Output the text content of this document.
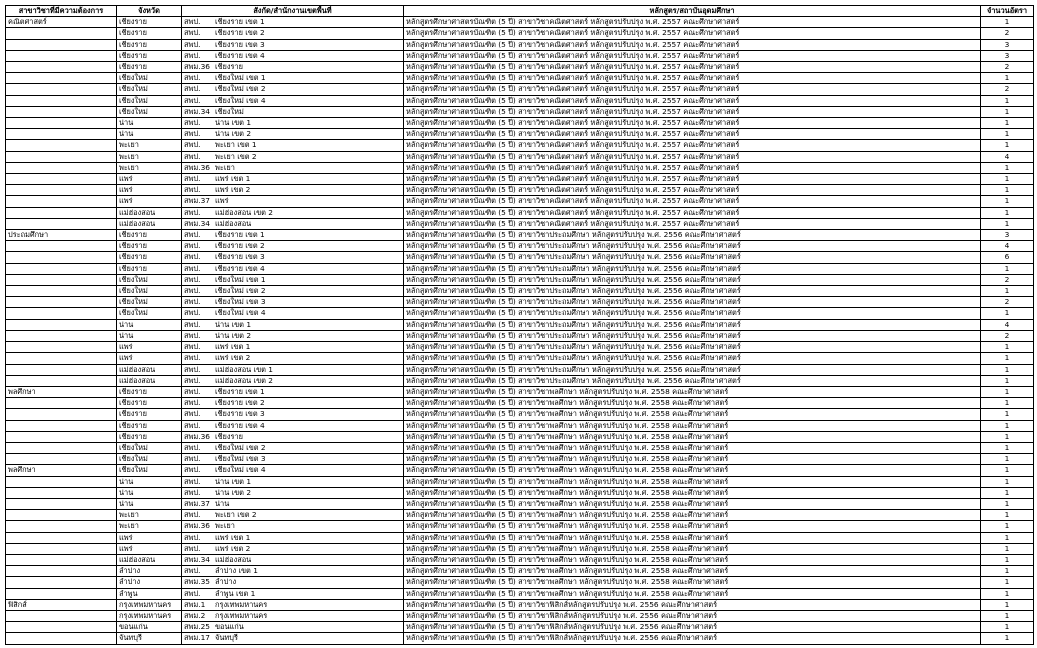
สาขาวิชาที่มีความต้องการ	จังหวัด	สังกัด/สำนักงานเขตพื้นที่	หลักสูตร/สถาบันอุดมศึกษา	จำนวนอัตรา
คณิตศาสตร์	เชียงราย	สพป. เชียงราย เขต 1	หลักสูตรศึกษาศาสตรบัณฑิต (5 ปี) สาขาวิชาคณิตศาสตร์ หลักสูตรปรับปรุง พ.ศ. 2557 คณะศึกษาศาสตร์	1
	เชียงราย	สพป. เชียงราย เขต 2	หลักสูตรศึกษาศาสตรบัณฑิต (5 ปี) สาขาวิชาคณิตศาสตร์ หลักสูตรปรับปรุง พ.ศ. 2557 คณะศึกษาศาสตร์	2
	เชียงราย	สพป. เชียงราย เขต 3	หลักสูตรศึกษาศาสตรบัณฑิต (5 ปี) สาขาวิชาคณิตศาสตร์ หลักสูตรปรับปรุง พ.ศ. 2557 คณะศึกษาศาสตร์	3
	เชียงราย	สพป. เชียงราย เขต 4	หลักสูตรศึกษาศาสตรบัณฑิต (5 ปี) สาขาวิชาคณิตศาสตร์ หลักสูตรปรับปรุง พ.ศ. 2557 คณะศึกษาศาสตร์	3
	เชียงราย	สพม.36 เชียงราย	หลักสูตรศึกษาศาสตรบัณฑิต (5 ปี) สาขาวิชาคณิตศาสตร์ หลักสูตรปรับปรุง พ.ศ. 2557 คณะศึกษาศาสตร์	2
	เชียงใหม่	สพป. เชียงใหม่ เขต 1	หลักสูตรศึกษาศาสตรบัณฑิต (5 ปี) สาขาวิชาคณิตศาสตร์ หลักสูตรปรับปรุง พ.ศ. 2557 คณะศึกษาศาสตร์	1
	เชียงใหม่	สพป. เชียงใหม่ เขต 2	หลักสูตรศึกษาศาสตรบัณฑิต (5 ปี) สาขาวิชาคณิตศาสตร์ หลักสูตรปรับปรุง พ.ศ. 2557 คณะศึกษาศาสตร์	2
	เชียงใหม่	สพป. เชียงใหม่ เขต 4	หลักสูตรศึกษาศาสตรบัณฑิต (5 ปี) สาขาวิชาคณิตศาสตร์ หลักสูตรปรับปรุง พ.ศ. 2557 คณะศึกษาศาสตร์	1
	เชียงใหม่	สพม.34 เชียงใหม่	หลักสูตรศึกษาศาสตรบัณฑิต (5 ปี) สาขาวิชาคณิตศาสตร์ หลักสูตรปรับปรุง พ.ศ. 2557 คณะศึกษาศาสตร์	1
	น่าน	สพป. น่าน เขต 1	หลักสูตรศึกษาศาสตรบัณฑิต (5 ปี) สาขาวิชาคณิตศาสตร์ หลักสูตรปรับปรุง พ.ศ. 2557 คณะศึกษาศาสตร์	1
	น่าน	สพป. น่าน เขต 2	หลักสูตรศึกษาศาสตรบัณฑิต (5 ปี) สาขาวิชาคณิตศาสตร์ หลักสูตรปรับปรุง พ.ศ. 2557 คณะศึกษาศาสตร์	1
	พะเยา	สพป. พะเยา เขต 1	หลักสูตรศึกษาศาสตรบัณฑิต (5 ปี) สาขาวิชาคณิตศาสตร์ หลักสูตรปรับปรุง พ.ศ. 2557 คณะศึกษาศาสตร์	1
	พะเยา	สพป. พะเยา เขต 2	หลักสูตรศึกษาศาสตรบัณฑิต (5 ปี) สาขาวิชาคณิตศาสตร์ หลักสูตรปรับปรุง พ.ศ. 2557 คณะศึกษาศาสตร์	4
	พะเยา	สพม.36 พะเยา	หลักสูตรศึกษาศาสตรบัณฑิต (5 ปี) สาขาวิชาคณิตศาสตร์ หลักสูตรปรับปรุง พ.ศ. 2557 คณะศึกษาศาสตร์	1
	แพร่	สพป. แพร่ เขต 1	หลักสูตรศึกษาศาสตรบัณฑิต (5 ปี) สาขาวิชาคณิตศาสตร์ หลักสูตรปรับปรุง พ.ศ. 2557 คณะศึกษาศาสตร์	1
	แพร่	สพป. แพร่ เขต 2	หลักสูตรศึกษาศาสตรบัณฑิต (5 ปี) สาขาวิชาคณิตศาสตร์ หลักสูตรปรับปรุง พ.ศ. 2557 คณะศึกษาศาสตร์	1
	แพร่	สพม.37 แพร่	หลักสูตรศึกษาศาสตรบัณฑิต (5 ปี) สาขาวิชาคณิตศาสตร์ หลักสูตรปรับปรุง พ.ศ. 2557 คณะศึกษาศาสตร์	1
	แม่ฮ่องสอน	สพป. แม่ฮ่องสอน เขต 2	หลักสูตรศึกษาศาสตรบัณฑิต (5 ปี) สาขาวิชาคณิตศาสตร์ หลักสูตรปรับปรุง พ.ศ. 2557 คณะศึกษาศาสตร์	1
	แม่ฮ่องสอน	สพม.34 แม่ฮ่องสอน	หลักสูตรศึกษาศาสตรบัณฑิต (5 ปี) สาขาวิชาคณิตศาสตร์ หลักสูตรปรับปรุง พ.ศ. 2557 คณะศึกษาศาสตร์	1
ประถมศึกษา	เชียงราย	สพป. เชียงราย เขต 1	หลักสูตรศึกษาศาสตรบัณฑิต (5 ปี) สาขาวิชาประถมศึกษา หลักสูตรปรับปรุง พ.ศ. 2556 คณะศึกษาศาสตร์	3
	เชียงราย	สพป. เชียงราย เขต 2	หลักสูตรศึกษาศาสตรบัณฑิต (5 ปี) สาขาวิชาประถมศึกษา หลักสูตรปรับปรุง พ.ศ. 2556 คณะศึกษาศาสตร์	4
	เชียงราย	สพป. เชียงราย เขต 3	หลักสูตรศึกษาศาสตรบัณฑิต (5 ปี) สาขาวิชาประถมศึกษา หลักสูตรปรับปรุง พ.ศ. 2556 คณะศึกษาศาสตร์	6
	เชียงราย	สพป. เชียงราย เขต 4	หลักสูตรศึกษาศาสตรบัณฑิต (5 ปี) สาขาวิชาประถมศึกษา หลักสูตรปรับปรุง พ.ศ. 2556 คณะศึกษาศาสตร์	1
	เชียงใหม่	สพป. เชียงใหม่ เขต 1	หลักสูตรศึกษาศาสตรบัณฑิต (5 ปี) สาขาวิชาประถมศึกษา หลักสูตรปรับปรุง พ.ศ. 2556 คณะศึกษาศาสตร์	2
	เชียงใหม่	สพป. เชียงใหม่ เขต 2	หลักสูตรศึกษาศาสตรบัณฑิต (5 ปี) สาขาวิชาประถมศึกษา หลักสูตรปรับปรุง พ.ศ. 2556 คณะศึกษาศาสตร์	1
	เชียงใหม่	สพป. เชียงใหม่ เขต 3	หลักสูตรศึกษาศาสตรบัณฑิต (5 ปี) สาขาวิชาประถมศึกษา หลักสูตรปรับปรุง พ.ศ. 2556 คณะศึกษาศาสตร์	2
	เชียงใหม่	สพป. เชียงใหม่ เขต 4	หลักสูตรศึกษาศาสตรบัณฑิต (5 ปี) สาขาวิชาประถมศึกษา หลักสูตรปรับปรุง พ.ศ. 2556 คณะศึกษาศาสตร์	1
	น่าน	สพป. น่าน เขต 1	หลักสูตรศึกษาศาสตรบัณฑิต (5 ปี) สาขาวิชาประถมศึกษา หลักสูตรปรับปรุง พ.ศ. 2556 คณะศึกษาศาสตร์	4
	น่าน	สพป. น่าน เขต 2	หลักสูตรศึกษาศาสตรบัณฑิต (5 ปี) สาขาวิชาประถมศึกษา หลักสูตรปรับปรุง พ.ศ. 2556 คณะศึกษาศาสตร์	2
	แพร่	สพป. แพร่ เขต 1	หลักสูตรศึกษาศาสตรบัณฑิต (5 ปี) สาขาวิชาประถมศึกษา หลักสูตรปรับปรุง พ.ศ. 2556 คณะศึกษาศาสตร์	1
	แพร่	สพป. แพร่ เขต 2	หลักสูตรศึกษาศาสตรบัณฑิต (5 ปี) สาขาวิชาประถมศึกษา หลักสูตรปรับปรุง พ.ศ. 2556 คณะศึกษาศาสตร์	1
	แม่ฮ่องสอน	สพป. แม่ฮ่องสอน เขต 1	หลักสูตรศึกษาศาสตรบัณฑิต (5 ปี) สาขาวิชาประถมศึกษา หลักสูตรปรับปรุง พ.ศ. 2556 คณะศึกษาศาสตร์	1
	แม่ฮ่องสอน	สพป. แม่ฮ่องสอน เขต 2	หลักสูตรศึกษาศาสตรบัณฑิต (5 ปี) สาขาวิชาประถมศึกษา หลักสูตรปรับปรุง พ.ศ. 2556 คณะศึกษาศาสตร์	1
พลศึกษา	เชียงราย	สพป. เชียงราย เขต 1	หลักสูตรศึกษาศาสตรบัณฑิต (5 ปี) สาขาวิชาพลศึกษา หลักสูตรปรับปรุง พ.ศ. 2558 คณะศึกษาศาสตร์	1
	เชียงราย	สพป. เชียงราย เขต 2	หลักสูตรศึกษาศาสตรบัณฑิต (5 ปี) สาขาวิชาพลศึกษา หลักสูตรปรับปรุง พ.ศ. 2558 คณะศึกษาศาสตร์	1
	เชียงราย	สพป. เชียงราย เขต 3	หลักสูตรศึกษาศาสตรบัณฑิต (5 ปี) สาขาวิชาพลศึกษา หลักสูตรปรับปรุง พ.ศ. 2558 คณะศึกษาศาสตร์	1
	เชียงราย	สพป. เชียงราย เขต 4	หลักสูตรศึกษาศาสตรบัณฑิต (5 ปี) สาขาวิชาพลศึกษา หลักสูตรปรับปรุง พ.ศ. 2558 คณะศึกษาศาสตร์	1
	เชียงราย	สพม.36 เชียงราย	หลักสูตรศึกษาศาสตรบัณฑิต (5 ปี) สาขาวิชาพลศึกษา หลักสูตรปรับปรุง พ.ศ. 2558 คณะศึกษาศาสตร์	1
	เชียงใหม่	สพป. เชียงใหม่ เขต 2	หลักสูตรศึกษาศาสตรบัณฑิต (5 ปี) สาขาวิชาพลศึกษา หลักสูตรปรับปรุง พ.ศ. 2558 คณะศึกษาศาสตร์	1
	เชียงใหม่	สพป. เชียงใหม่ เขต 3	หลักสูตรศึกษาศาสตรบัณฑิต (5 ปี) สาขาวิชาพลศึกษา หลักสูตรปรับปรุง พ.ศ. 2558 คณะศึกษาศาสตร์	1
พลศึกษา	เชียงใหม่	สพป. เชียงใหม่ เขต 4	หลักสูตรศึกษาศาสตรบัณฑิต (5 ปี) สาขาวิชาพลศึกษา หลักสูตรปรับปรุง พ.ศ. 2558 คณะศึกษาศาสตร์	1
	น่าน	สพป. น่าน เขต 1	หลักสูตรศึกษาศาสตรบัณฑิต (5 ปี) สาขาวิชาพลศึกษา หลักสูตรปรับปรุง พ.ศ. 2558 คณะศึกษาศาสตร์	1
	น่าน	สพป. น่าน เขต 2	หลักสูตรศึกษาศาสตรบัณฑิต (5 ปี) สาขาวิชาพลศึกษา หลักสูตรปรับปรุง พ.ศ. 2558 คณะศึกษาศาสตร์	1
	น่าน	สพม.37 น่าน	หลักสูตรศึกษาศาสตรบัณฑิต (5 ปี) สาขาวิชาพลศึกษา หลักสูตรปรับปรุง พ.ศ. 2558 คณะศึกษาศาสตร์	1
	พะเยา	สพป. พะเยา เขต 2	หลักสูตรศึกษาศาสตรบัณฑิต (5 ปี) สาขาวิชาพลศึกษา หลักสูตรปรับปรุง พ.ศ. 2558 คณะศึกษาศาสตร์	1
	พะเยา	สพม.36 พะเยา	หลักสูตรศึกษาศาสตรบัณฑิต (5 ปี) สาขาวิชาพลศึกษา หลักสูตรปรับปรุง พ.ศ. 2558 คณะศึกษาศาสตร์	1
	แพร่	สพป. แพร่ เขต 1	หลักสูตรศึกษาศาสตรบัณฑิต (5 ปี) สาขาวิชาพลศึกษา หลักสูตรปรับปรุง พ.ศ. 2558 คณะศึกษาศาสตร์	1
	แพร่	สพป. แพร่ เขต 2	หลักสูตรศึกษาศาสตรบัณฑิต (5 ปี) สาขาวิชาพลศึกษา หลักสูตรปรับปรุง พ.ศ. 2558 คณะศึกษาศาสตร์	1
	แม่ฮ่องสอน	สพม.34 แม่ฮ่องสอน	หลักสูตรศึกษาศาสตรบัณฑิต (5 ปี) สาขาวิชาพลศึกษา หลักสูตรปรับปรุง พ.ศ. 2558 คณะศึกษาศาสตร์	1
	ลำปาง	สพป. ลำปาง เขต 1	หลักสูตรศึกษาศาสตรบัณฑิต (5 ปี) สาขาวิชาพลศึกษา หลักสูตรปรับปรุง พ.ศ. 2558 คณะศึกษาศาสตร์	1
	ลำปาง	สพม.35 ลำปาง	หลักสูตรศึกษาศาสตรบัณฑิต (5 ปี) สาขาวิชาพลศึกษา หลักสูตรปรับปรุง พ.ศ. 2558 คณะศึกษาศาสตร์	1
	ลำพูน	สพป. ลำพูน เขต 1	หลักสูตรศึกษาศาสตรบัณฑิต (5 ปี) สาขาวิชาพลศึกษา หลักสูตรปรับปรุง พ.ศ. 2558 คณะศึกษาศาสตร์	1
ฟิสิกส์	กรุงเทพมหานคร	สพม.1 กรุงเทพมหานคร	หลักสูตรศึกษาศาสตรบัณฑิต (5 ปี) สาขาวิชาฟิสิกส์หลักสูตรปรับปรุง พ.ศ. 2556 คณะศึกษาศาสตร์	1
	กรุงเทพมหานคร	สพม.2 กรุงเทพมหานคร	หลักสูตรศึกษาศาสตรบัณฑิต (5 ปี) สาขาวิชาฟิสิกส์หลักสูตรปรับปรุง พ.ศ. 2556 คณะศึกษาศาสตร์	1
	ขอนแก่น	สพม.25 ขอนแก่น	หลักสูตรศึกษาศาสตรบัณฑิต (5 ปี) สาขาวิชาฟิสิกส์หลักสูตรปรับปรุง พ.ศ. 2556 คณะศึกษาศาสตร์	1
	จันทบุรี	สพม.17 จันทบุรี	หลักสูตรศึกษาศาสตรบัณฑิต (5 ปี) สาขาวิชาฟิสิกส์หลักสูตรปรับปรุง พ.ศ. 2556 คณะศึกษาศาสตร์	1
